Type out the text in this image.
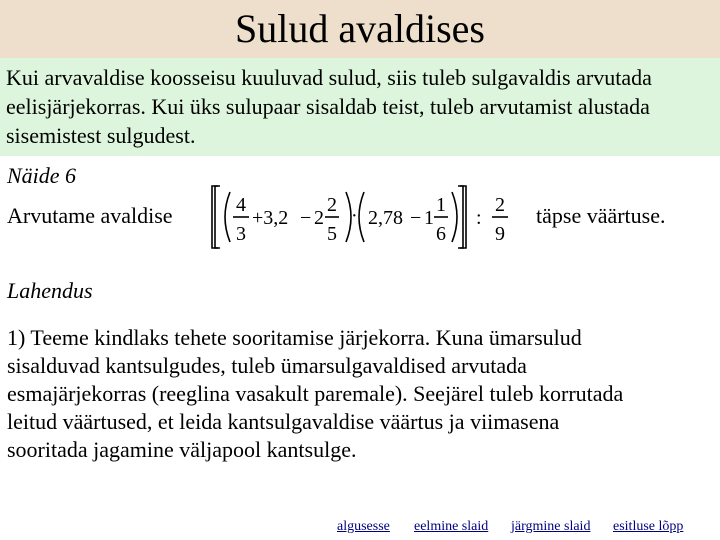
Sulud avaldises
Kui arvavaldise koosseisu kuuluvad sulud, siis tuleb sulgavaldis arvutada
eelisjärjekorras. Kui üks sulupaar sisaldab teist, tuleb arvutamist alustada
sisemistest sulgudest.
Näide 6
Arvutame avaldise	4
3
+3,2 − 2
2
5
· 2,78 − 1
1
6
:
2
9
täpse väärtuse.
Lahendus
1) Teeme kindlaks tehete sooritamise järjekorra. Kuna ümarsulud
sisalduvad kantsulgudes, tuleb ümarsulgavaldised arvutada
esmajärjekorras (reeglina vasakult paremale). Seejärel tuleb korrutada
leitud väärtused, et leida kantsulgavaldise väärtus ja viimasena
sooritada jagamine väljapool kantsulge.
algusesse eelmine slaid järgmine slaid esitluse lõpp
